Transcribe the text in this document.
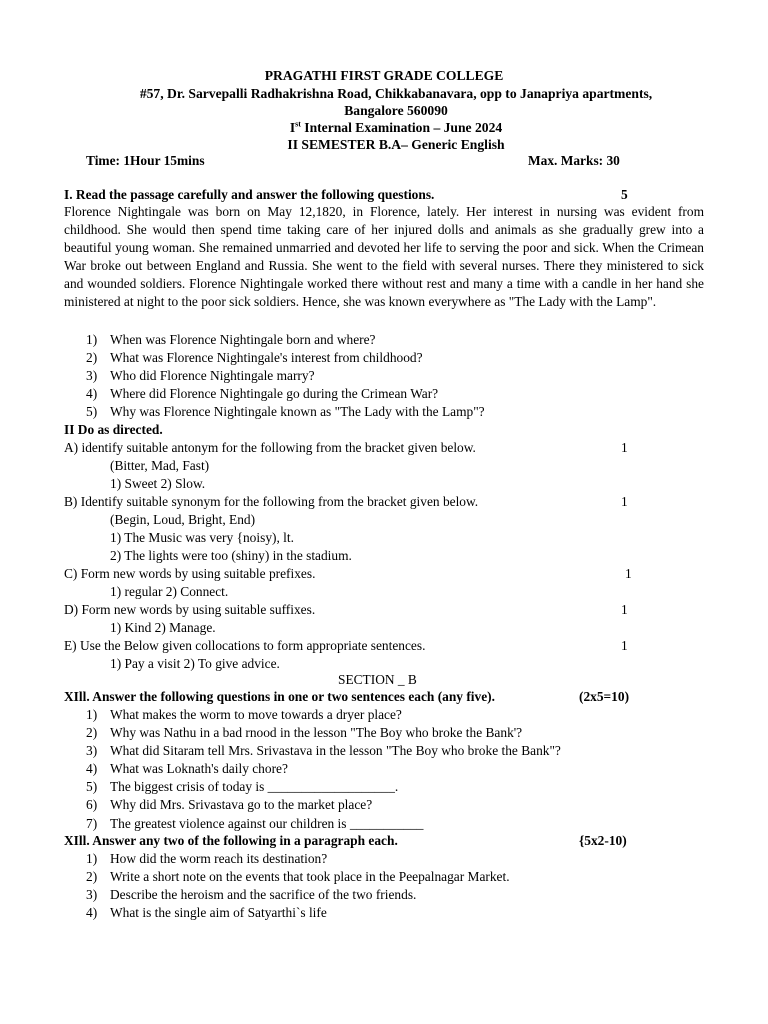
PRAGATHI FIRST GRADE COLLEGE
#57, Dr. Sarvepalli Radhakrishna Road, Chikkabanavara, opp to Janapriya apartments,
Bangalore 560090
Ist Internal Examination – June 2024
II SEMESTER B.A– Generic English
Time: 1Hour 15mins	Max. Marks: 30
I. Read the passage carefully and answer the following questions.	5
Florence Nightingale was born on May 12,1820, in Florence, lately. Her interest in nursing was evident from childhood. She would then spend time taking care of her injured dolls and animals as she gradually grew into a beautiful young woman. She remained unmarried and devoted her life to serving the poor and sick. When the Crimean War broke out between England and Russia. She went to the field with several nurses. There they ministered to sick and wounded soldiers. Florence Nightingale worked there without rest and many a time with a candle in her hand she ministered at night to the poor sick soldiers. Hence, she was known everywhere as "The Lady with the Lamp".
1) When was Florence Nightingale born and where?
2) What was Florence Nightingale's interest from childhood?
3) Who did Florence Nightingale marry?
4) Where did Florence Nightingale go during the Crimean War?
5) Why was Florence Nightingale known as "The Lady with the Lamp"?
II Do as directed.
A) identify suitable antonym for the following from the bracket given below.	1
(Bitter, Mad, Fast)
1) Sweet 2) Slow.
B) Identify suitable synonym for the following from the bracket given below.	1
(Begin, Loud, Bright, End)
1) The Music was very {noisy), lt.
2) The lights were too (shiny) in the stadium.
C) Form new words by using suitable prefixes.	1
1) regular 2) Connect.
D) Form new words by using suitable suffixes.	1
1) Kind 2) Manage.
E) Use the Below given collocations to form appropriate sentences.	1
1) Pay a visit 2) To give advice.
SECTION _ B
XIll. Answer the following questions in one or two sentences each (any five).	(2x5=10)
1) What makes the worm to move towards a dryer place?
2) Why was Nathu in a bad rnood in the lesson "The Boy who broke the Bank'?
3) What did Sitaram tell Mrs. Srivastava in the lesson "The Boy who broke the Bank"?
4) What was Loknath's daily chore?
5) The biggest crisis of today is ___________________.
6) Why did Mrs. Srivastava go to the market place?
7) The greatest violence against our children is ___________
XIll. Answer any two of the following in a paragraph each.	{5x2-10)
1) How did the worm reach its destination?
2) Write a short note on the events that took place in the Peepalnagar Market.
3) Describe the heroism and the sacrifice of the two friends.
4) What is the single aim of Satyarthi`s life
